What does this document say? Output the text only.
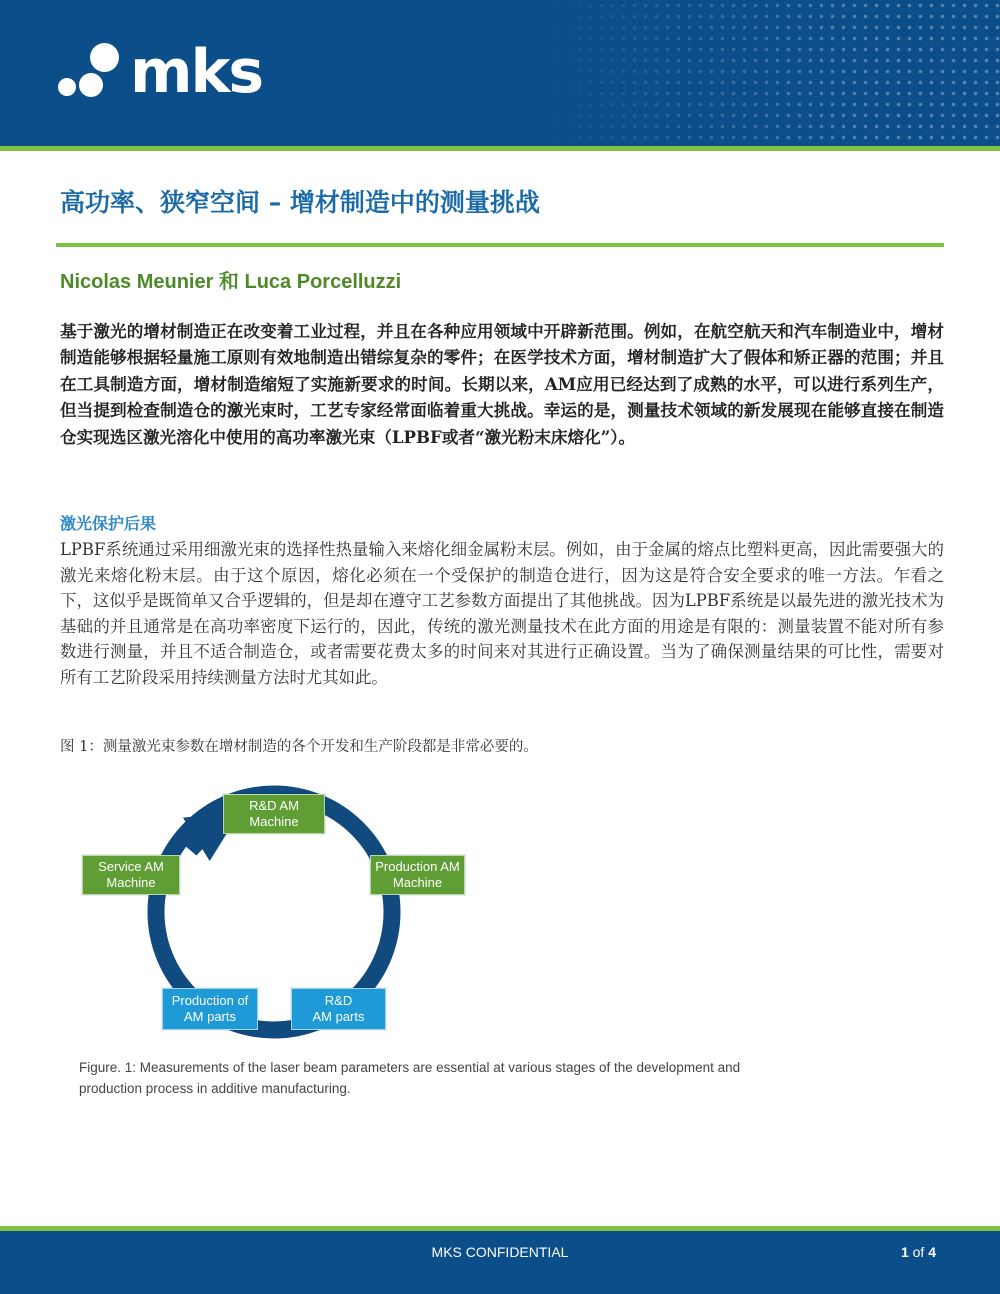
mks
高功率、狭窄空间 – 增材制造中的测量挑战
Nicolas Meunier 和 Luca Porcelluzzi

基于激光的增材制造正在改变着工业过程，并且在各种应用领域中开辟新范围。例如，在航空航天和汽车制造业中，增材制造能够根据轻量施工原则有效地制造出错综复杂的零件；在医学技术方面，增材制造扩大了假体和矫正器的范围；并且在工具制造方面，增材制造缩短了实施新要求的时间。长期以来，AM应用已经达到了成熟的水平，可以进行系列生产，但当提到检查制造仓的激光束时，工艺专家经常面临着重大挑战。幸运的是，测量技术领域的新发展现在能够直接在制造仓实现选区激光溶化中使用的高功率激光束（LPBF或者“激光粉末床熔化”）。

激光保护后果

LPBF系统通过采用细激光束的选择性热量输入来熔化细金属粉末层。例如，由于金属的熔点比塑料更高，因此需要强大的激光来熔化粉末层。由于这个原因，熔化必须在一个受保护的制造仓进行，因为这是符合安全要求的唯一方法。乍看之下，这似乎是既简单又合乎逻辑的，但是却在遵守工艺参数方面提出了其他挑战。因为LPBF系统是以最先进的激光技术为基础的并且通常是在高功率密度下运行的，因此，传统的激光测量技术在此方面的用途是有限的：测量装置不能对所有参数进行测量，并且不适合制造仓，或者需要花费太多的时间来对其进行正确设置。当为了确保测量结果的可比性，需要对所有工艺阶段采用持续测量方法时尤其如此。

图 1：测量激光束参数在增材制造的各个开发和生产阶段都是非常必要的。
R&D AM
Machine
Production AM
Machine
R&D
AM parts
Production of
AM parts
Service AM
Machine
Figure. 1: Measurements of the laser beam parameters are essential at various stages of the development and production process in additive manufacturing.
MKS CONFIDENTIAL	1 of 4
